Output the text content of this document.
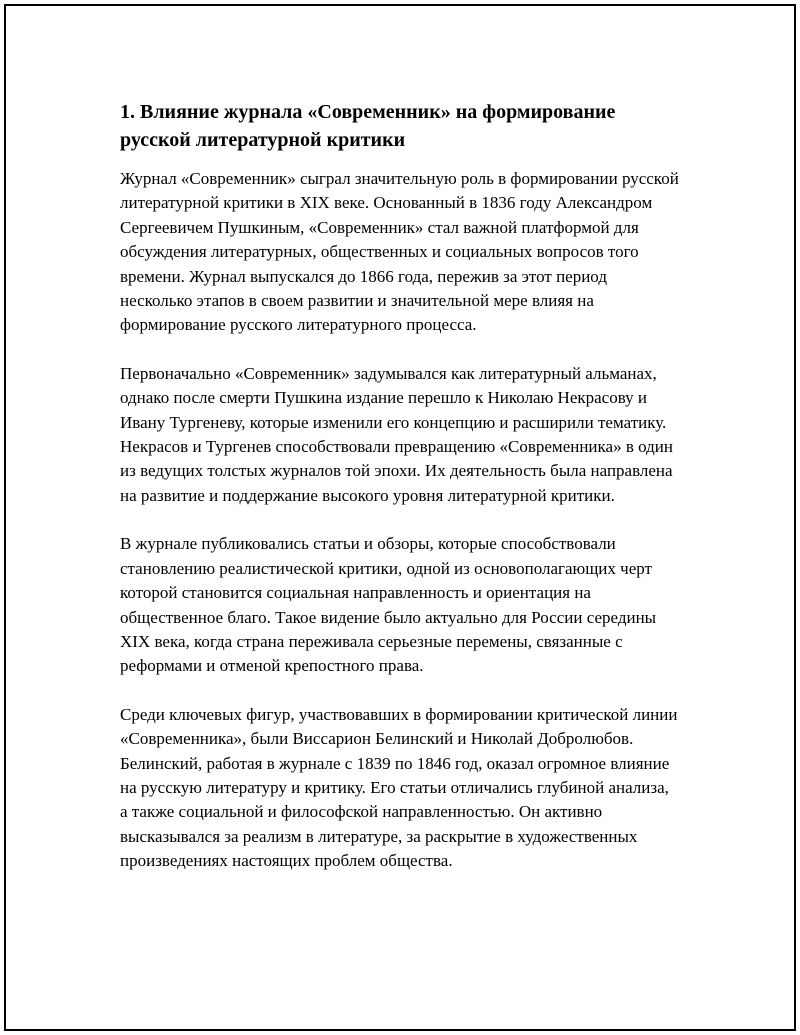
1. Влияние журнала «Современник» на формирование русской литературной критики

Журнал «Современник» сыграл значительную роль в формировании русской литературной критики в XIX веке. Основанный в 1836 году Александром Сергеевичем Пушкиным, «Современник» стал важной платформой для обсуждения литературных, общественных и социальных вопросов того времени. Журнал выпускался до 1866 года, пережив за этот период несколько этапов в своем развитии и значительной мере влияя на формирование русского литературного процесса.

Первоначально «Современник» задумывался как литературный альманах, однако после смерти Пушкина издание перешло к Николаю Некрасову и Ивану Тургеневу, которые изменили его концепцию и расширили тематику. Некрасов и Тургенев способствовали превращению «Современника» в один из ведущих толстых журналов той эпохи. Их деятельность была направлена на развитие и поддержание высокого уровня литературной критики.

В журнале публиковались статьи и обзоры, которые способствовали становлению реалистической критики, одной из основополагающих черт которой становится социальная направленность и ориентация на общественное благо. Такое видение было актуально для России середины XIX века, когда страна переживала серьезные перемены, связанные с реформами и отменой крепостного права.

Среди ключевых фигур, участвовавших в формировании критической линии «Современника», были Виссарион Белинский и Николай Добролюбов. Белинский, работая в журнале с 1839 по 1846 год, оказал огромное влияние на русскую литературу и критику. Его статьи отличались глубиной анализа, а также социальной и философской направленностью. Он активно высказывался за реализм в литературе, за раскрытие в художественных произведениях настоящих проблем общества.
